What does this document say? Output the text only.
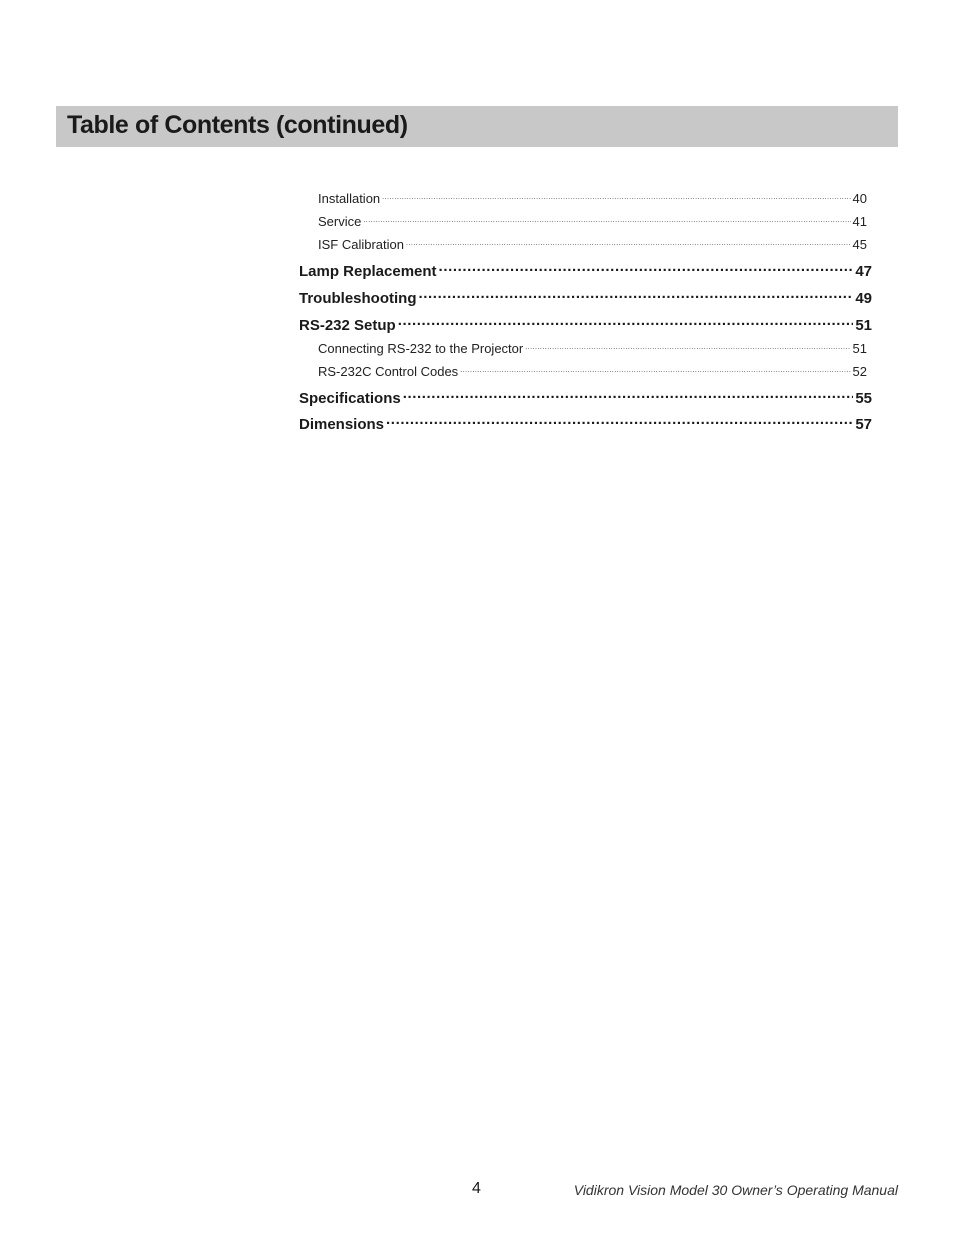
Table of Contents (continued)
Installation .....	40
Service .....	41
ISF Calibration .....	45
Lamp Replacement .....	47
Troubleshooting .....	49
RS-232 Setup .....	51
Connecting RS-232 to the Projector .....	51
RS-232C Control Codes .....	52
Specifications .....	55
Dimensions .....	57
4	Vidikron Vision Model 30 Owner’s Operating Manual
